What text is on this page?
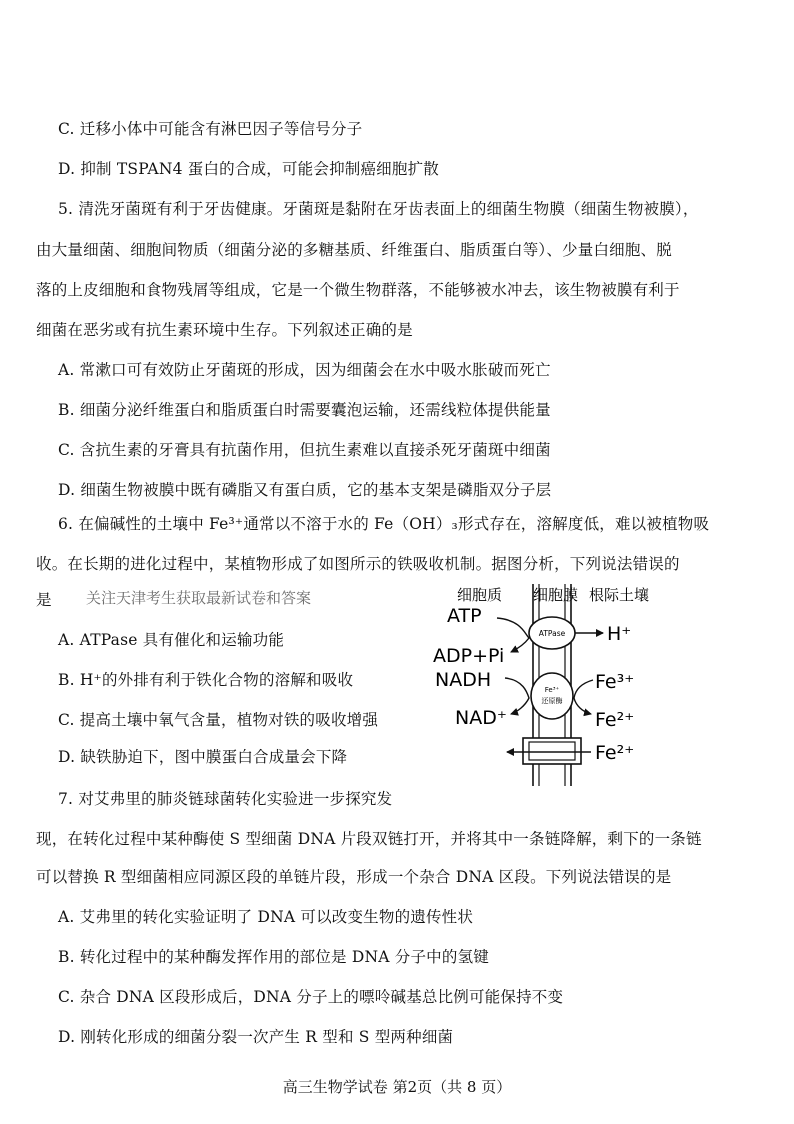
C. 迁移小体中可能含有淋巴因子等信号分子
D. 抑制 TSPAN4 蛋白的合成，可能会抑制癌细胞扩散
5. 清洗牙菌斑有利于牙齿健康。牙菌斑是黏附在牙齿表面上的细菌生物膜（细菌生物被膜），
由大量细菌、细胞间物质（细菌分泌的多糖基质、纤维蛋白、脂质蛋白等）、少量白细胞、脱
落的上皮细胞和食物残屑等组成，它是一个微生物群落，不能够被水冲去，该生物被膜有利于
细菌在恶劣或有抗生素环境中生存。下列叙述正确的是
A. 常漱口可有效防止牙菌斑的形成，因为细菌会在水中吸水胀破而死亡
B. 细菌分泌纤维蛋白和脂质蛋白时需要囊泡运输，还需线粒体提供能量
C. 含抗生素的牙膏具有抗菌作用，但抗生素难以直接杀死牙菌斑中细菌
D. 细菌生物被膜中既有磷脂又有蛋白质，它的基本支架是磷脂双分子层
6. 在偏碱性的土壤中 Fe³⁺通常以不溶于水的 Fe（OH）₃形式存在，溶解度低，难以被植物吸
收。在长期的进化过程中，某植物形成了如图所示的铁吸收机制。据图分析，下列说法错误的
是 关注天津考生获取最新试卷和答案
A. ATPase 具有催化和运输功能
B. H⁺的外排有利于铁化合物的溶解和吸收
C. 提高土壤中氧气含量，植物对铁的吸收增强
D. 缺铁胁迫下，图中膜蛋白合成量会下降
7. 对艾弗里的肺炎链球菌转化实验进一步探究发
现，在转化过程中某种酶使 S 型细菌 DNA 片段双链打开，并将其中一条链降解，剩下的一条链
可以替换 R 型细菌相应同源区段的单链片段，形成一个杂合 DNA 区段。下列说法错误的是
A. 艾弗里的转化实验证明了 DNA 可以改变生物的遗传性状
B. 转化过程中的某种酶发挥作用的部位是 DNA 分子中的氢键
C. 杂合 DNA 区段形成后，DNA 分子上的嘌呤碱基总比例可能保持不变
D. 刚转化形成的细菌分裂一次产生 R 型和 S 型两种细菌
细胞质 细胞膜 根际土壤
ATPase
ATP
ADP+Pi
H⁺
Fe³⁺
还原酶
NADH
NAD⁺
Fe³⁺
Fe²⁺
Fe²⁺
高三生物学试卷 第2页（共 8 页）
